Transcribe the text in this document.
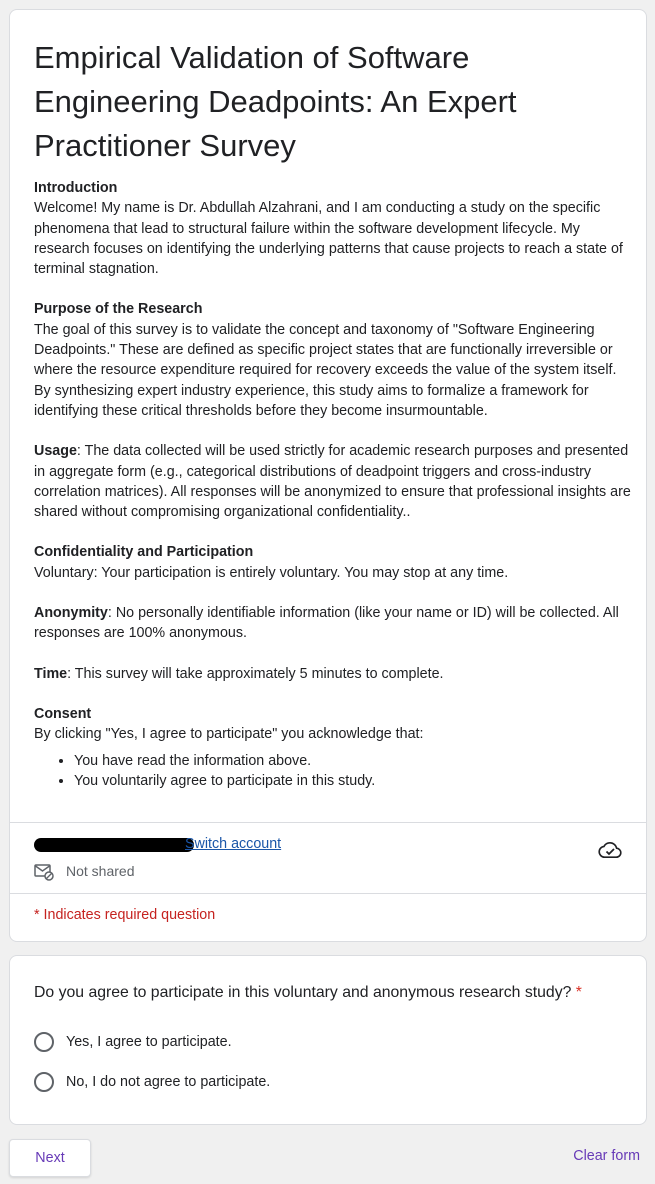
Empirical Validation of Software Engineering Deadpoints: An Expert Practitioner Survey

Introduction
Welcome! My name is Dr. Abdullah Alzahrani, and I am conducting a study on the specific phenomena that lead to structural failure within the software development lifecycle. My research focuses on identifying the underlying patterns that cause projects to reach a state of terminal stagnation.

Purpose of the Research
The goal of this survey is to validate the concept and taxonomy of "Software Engineering Deadpoints." These are defined as specific project states that are functionally irreversible or where the resource expenditure required for recovery exceeds the value of the system itself. By synthesizing expert industry experience, this study aims to formalize a framework for identifying these critical thresholds before they become insurmountable.

Usage: The data collected will be used strictly for academic research purposes and presented in aggregate form (e.g., categorical distributions of deadpoint triggers and cross-industry correlation matrices). All responses will be anonymized to ensure that professional insights are shared without compromising organizational confidentiality..

Confidentiality and Participation
Voluntary: Your participation is entirely voluntary. You may stop at any time.

Anonymity: No personally identifiable information (like your name or ID) will be collected. All responses are 100% anonymous.

Time: This survey will take approximately 5 minutes to complete.

Consent
By clicking "Yes, I agree to participate" you acknowledge that:

• You have read the information above.
• You voluntarily agree to participate in this study.
Switch account
Not shared
* Indicates required question
Do you agree to participate in this voluntary and anonymous research study? *
Yes, I agree to participate.
No, I do not agree to participate.
Next	Clear form
